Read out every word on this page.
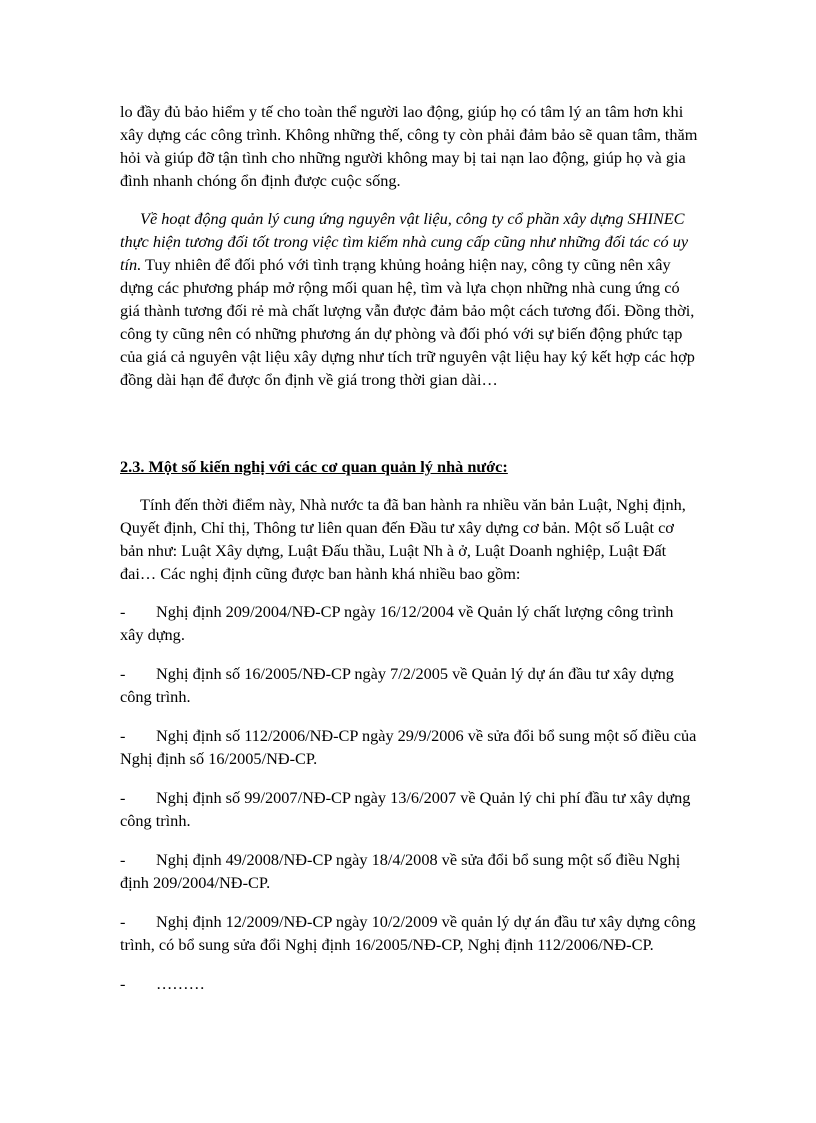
lo đầy đủ bảo hiểm y tế cho toàn thể người lao động, giúp họ có tâm lý an tâm hơn khi xây dựng các công trình. Không những thế, công ty còn phải đảm bảo sẽ quan tâm, thăm hỏi và giúp đỡ tận tình cho những người không may bị tai nạn lao động, giúp họ và gia đình nhanh chóng ổn định được cuộc sống.

Về hoạt động quản lý cung ứng nguyên vật liệu, công ty cổ phần xây dựng SHINEC thực hiện tương đối tốt trong việc tìm kiếm nhà cung cấp cũng như những đối tác có uy tín. Tuy nhiên để đối phó với tình trạng khủng hoảng hiện nay, công ty cũng nên xây dựng các phương pháp mở rộng mối quan hệ, tìm và lựa chọn những nhà cung ứng có giá thành tương đối rẻ mà chất lượng vẫn được đảm bảo một cách tương đối. Đồng thời, công ty cũng nên có những phương án dự phòng và đối phó với sự biến động phức tạp của giá cả nguyên vật liệu xây dựng như tích trữ nguyên vật liệu hay ký kết hợp các hợp đồng dài hạn để được ổn định về giá trong thời gian dài…

2.3. Một số kiến nghị với các cơ quan quản lý nhà nước:

Tính đến thời điểm này, Nhà nước ta đã ban hành ra nhiều văn bản Luật, Nghị định, Quyết định, Chỉ thị, Thông tư liên quan đến Đầu tư xây dựng cơ bản. Một số Luật cơ bản như: Luật Xây dựng, Luật Đấu thầu, Luật Nh à ở, Luật Doanh nghiệp, Luật Đất đai… Các nghị định cũng được ban hành khá nhiều bao gồm:

- Nghị định 209/2004/NĐ-CP ngày 16/12/2004 về Quản lý chất lượng công trình xây dựng.
- Nghị định số 16/2005/NĐ-CP ngày 7/2/2005 về Quản lý dự án đầu tư xây dựng công trình.
- Nghị định số 112/2006/NĐ-CP ngày 29/9/2006 về sửa đổi bổ sung một số điều của Nghị định số 16/2005/NĐ-CP.
- Nghị định số 99/2007/NĐ-CP ngày 13/6/2007 về Quản lý chi phí đầu tư xây dựng công trình.
- Nghị định 49/2008/NĐ-CP ngày 18/4/2008 về sửa đổi bổ sung một số điều Nghị định 209/2004/NĐ-CP.
- Nghị định 12/2009/NĐ-CP ngày 10/2/2009 về quản lý dự án đầu tư xây dựng công trình, có bổ sung sửa đổi Nghị định 16/2005/NĐ-CP, Nghị định 112/2006/NĐ-CP.
- ………
